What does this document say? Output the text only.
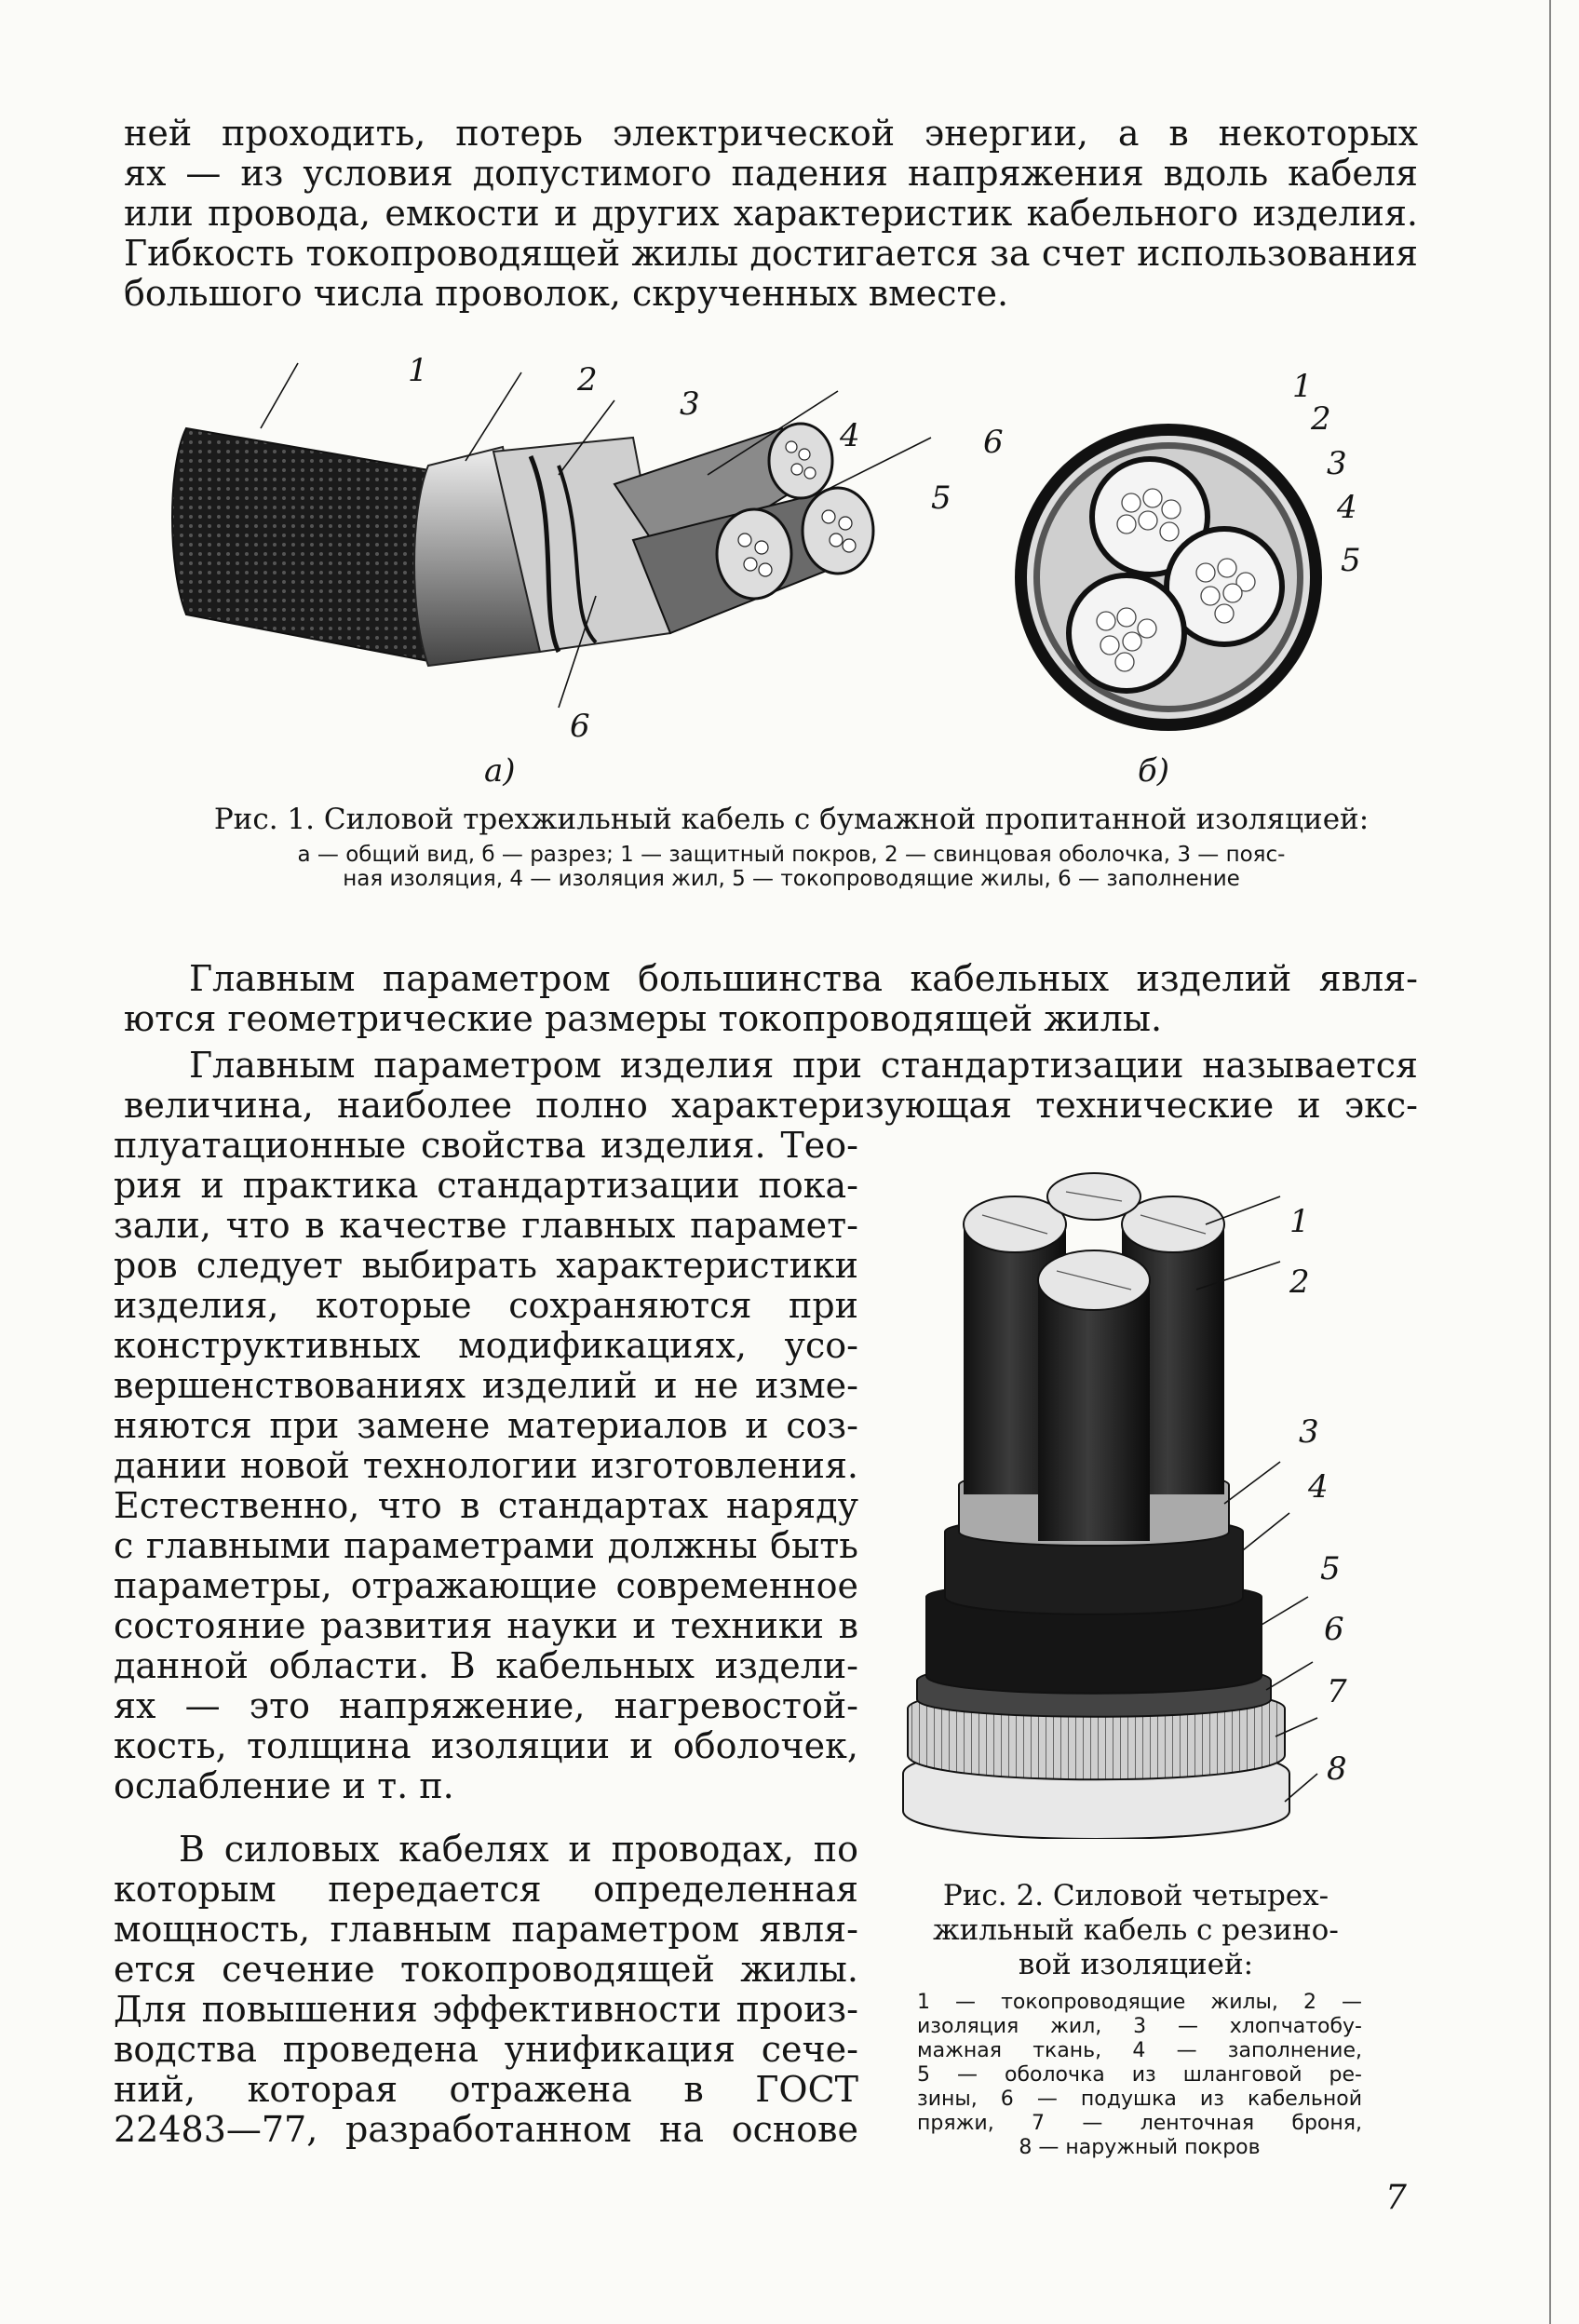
ней проходить, потерь электрической энергии, а в некоторых
ях — из условия допустимого падения напряжения вдоль кабеля
или провода, емкости и других характеристик кабельного изделия.
Гибкость токопроводящей жилы достигается за счет использования
большого числа проволок, скрученных вместе.
1	2
3
4
5
6
а)
1
2
3
4
5
6
б)

Рис. 1. Силовой трехжильный кабель с бумажной пропитанной изоляцией:

а — общий вид, б — разрез; 1 — защитный покров, 2 — свинцовая оболочка, 3 — пояс-

ная изоляция, 4 — изоляция жил, 5 — токопроводящие жилы, 6 — заполнение

Главным параметром большинства кабельных изделий явля-
ются геометрические размеры токопроводящей жилы.
Главным параметром изделия при стандартизации называется
величина, наиболее полно характеризующая технические и экс-
плуатационные свойства изделия. Тео-
рия и практика стандартизации пока-
зали, что в качестве главных парамет-
ров следует выбирать характеристики
изделия, которые сохраняются при
конструктивных модификациях, усо-
вершенствованиях изделий и не изме-
няются при замене материалов и соз-
дании новой технологии изготовления.
Естественно, что в стандартах наряду
с главными параметрами должны быть
параметры, отражающие современное
состояние развития науки и техники в
данной области. В кабельных издели-
ях — это напряжение, нагревостой-
кость, толщина изоляции и оболочек,
ослабление и т. п.
В силовых кабелях и проводах, по
которым передается определенная
мощность, главным параметром явля-
ется сечение токопроводящей жилы.
Для повышения эффективности произ-
водства проведена унификация сече-
ний, которая отражена в ГОСТ
22483—77, разработанном на основе
1
2
3
4
5
6
7
8

Рис. 2. Силовой четырех-

жильный кабель с резино-

вой изоляцией:

1 — токопроводящие жилы, 2 —
изоляция жил, 3 — хлопчатобу-
мажная ткань, 4 — заполнение,
5 — оболочка из шланговой ре-
зины, 6 — подушка из кабельной
пряжи, 7 — ленточная броня,
8 — наружный покров
7
